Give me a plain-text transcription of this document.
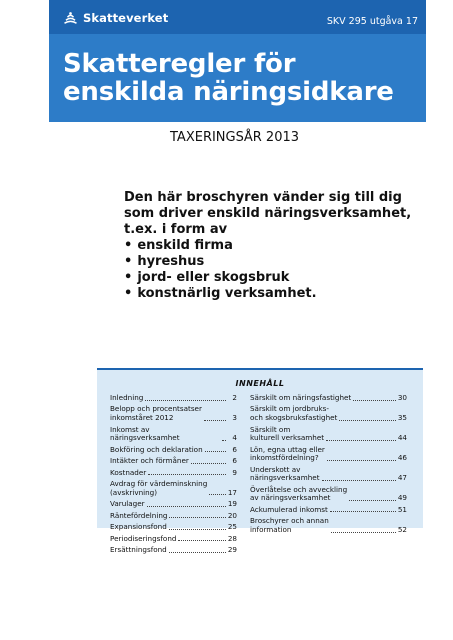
Skatteverket	SKV 295 utgåva 17
Skatteregler för
enskilda näringsidkare
TAXERINGSÅR 2013

Den här broschyren vänder sig till dig

som driver enskild näringsverksamhet,

t.ex. i form av

• enskild firma
• hyreshus
• jord- eller skogsbruk
• konstnärlig verksamhet.
INNEHÅLL
Inledning	2
Belopp och procentsatser
inkomståret 2012	3
Inkomst av näringsverksamhet	4
Bokföring och deklaration	6
Intäkter och förmåner	6
Kostnader	9
Avdrag för värdeminskning
(avskrivning)	17
Varulager	19
Räntefördelning	20
Expansionsfond	25
Periodiseringsfond	28
Ersättningsfond	29
Särskilt om näringsfastighet	30
Särskilt om jordbruks-
och skogsbruksfastighet	35
Särskilt om
kulturell verksamhet	44
Lön, egna uttag eller
inkomstfördelning?	46
Underskott av
näringsverksamhet	47
Överlåtelse och avveckling
av näringsverksamhet	49
Ackumulerad inkomst	51
Broschyrer och annan
information	52
